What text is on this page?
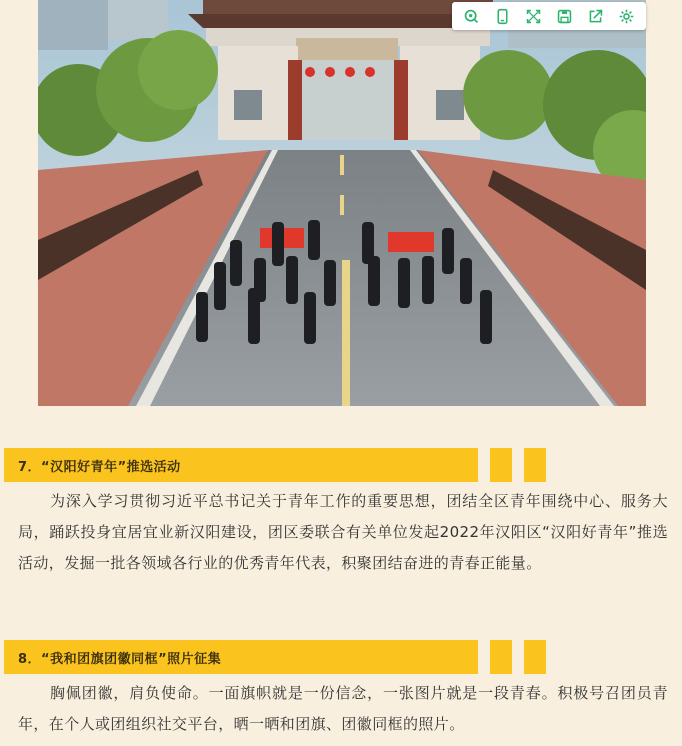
7．“汉阳好青年”推选活动

为深入学习贯彻习近平总书记关于青年工作的重要思想，团结全区青年围绕中心、服务大局，踊跃投身宜居宜业新汉阳建设，团区委联合有关单位发起2022年汉阳区“汉阳好青年”推选活动，发掘一批各领域各行业的优秀青年代表，积聚团结奋进的青春正能量。

8．“我和团旗团徽同框”照片征集

胸佩团徽，肩负使命。一面旗帜就是一份信念，一张图片就是一段青春。积极号召团员青年，在个人或团组织社交平台，晒一晒和团旗、团徽同框的照片。
